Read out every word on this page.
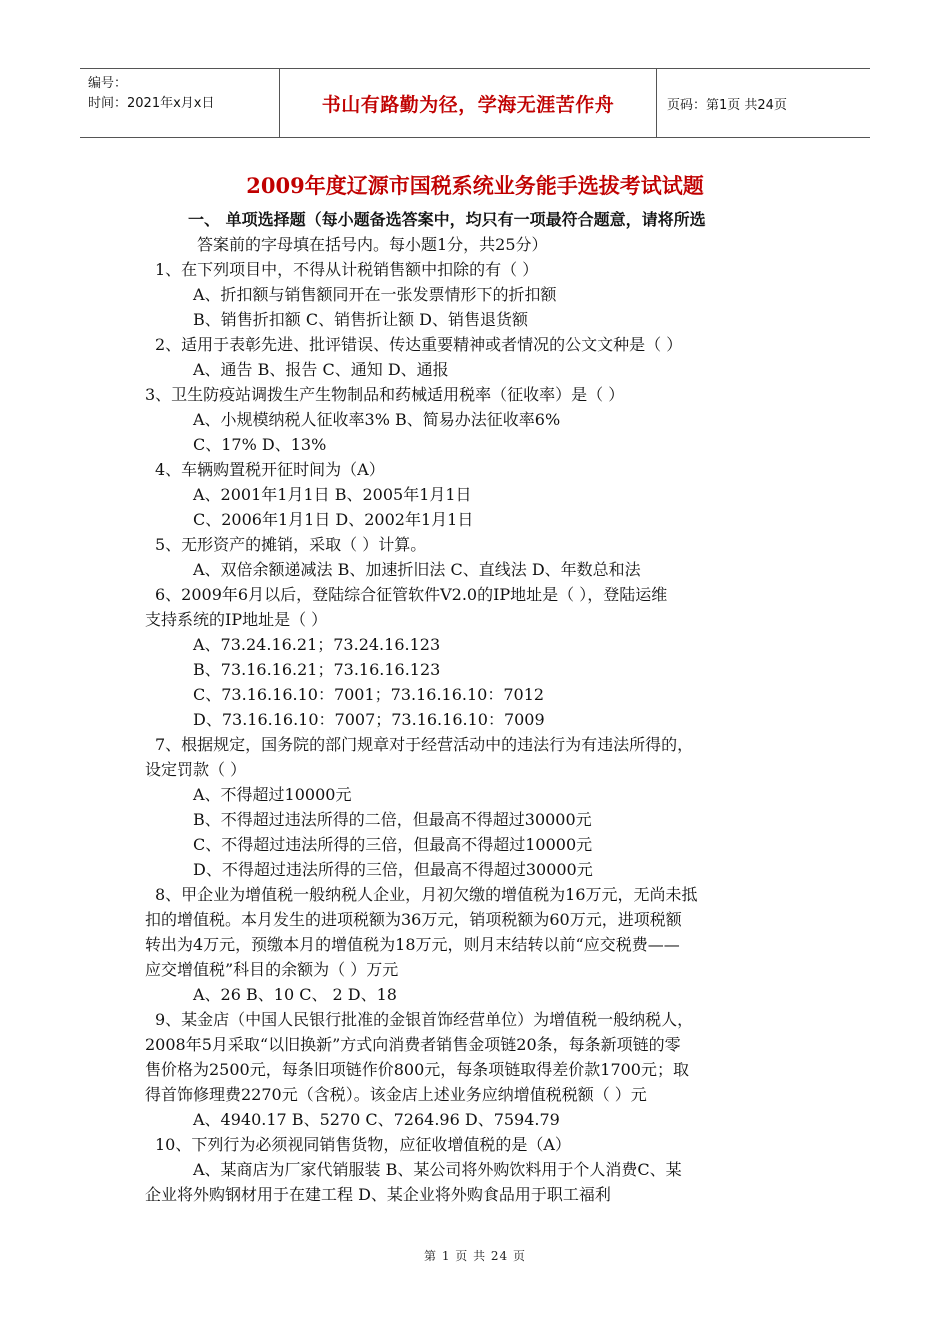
编号：
时间：2021年x月x日	书山有路勤为径，学海无涯苦作舟	页码：第1页 共24页
2009年度辽源市国税系统业务能手选拔考试试题
一、 单项选择题（每小题备选答案中，均只有一项最符合题意，请将所选
答案前的字母填在括号内。每小题1分，共25分）
1、在下列项目中，不得从计税销售额中扣除的有（ ）
A、折扣额与销售额同开在一张发票情形下的折扣额
B、销售折扣额 C、销售折让额 D、销售退货额
2、适用于表彰先进、批评错误、传达重要精神或者情况的公文文种是（ ）
A、通告 B、报告 C、通知 D、通报
3、卫生防疫站调拨生产生物制品和药械适用税率（征收率）是（ ）
A、小规模纳税人征收率3% B、简易办法征收率6%
C、17% D、13%
4、车辆购置税开征时间为（A）
A、2001年1月1日 B、2005年1月1日
C、2006年1月1日 D、2002年1月1日
5、无形资产的摊销，采取（ ）计算。
A、双倍余额递减法 B、加速折旧法 C、直线法 D、年数总和法
6、2009年6月以后，登陆综合征管软件V2.0的IP地址是（ ），登陆运维
支持系统的IP地址是（ ）
A、73.24.16.21；73.24.16.123
B、73.16.16.21；73.16.16.123
C、73.16.16.10：7001；73.16.16.10：7012
D、73.16.16.10：7007；73.16.16.10：7009
7、根据规定，国务院的部门规章对于经营活动中的违法行为有违法所得的，
设定罚款（ ）
A、不得超过10000元
B、不得超过违法所得的二倍，但最高不得超过30000元
C、不得超过违法所得的三倍，但最高不得超过10000元
D、不得超过违法所得的三倍，但最高不得超过30000元
8、甲企业为增值税一般纳税人企业，月初欠缴的增值税为16万元，无尚未抵
扣的增值税。本月发生的进项税额为36万元，销项税额为60万元，进项税额
转出为4万元，预缴本月的增值税为18万元，则月末结转以前“应交税费——
应交增值税”科目的余额为（ ）万元
A、26 B、10 C、 2 D、18
9、某金店（中国人民银行批准的金银首饰经营单位）为增值税一般纳税人，
2008年5月采取“以旧换新”方式向消费者销售金项链20条，每条新项链的零
售价格为2500元，每条旧项链作价800元，每条项链取得差价款1700元；取
得首饰修理费2270元（含税）。该金店上述业务应纳增值税税额（ ）元
A、4940.17 B、5270 C、7264.96 D、7594.79
10、下列行为必须视同销售货物，应征收增值税的是（A）
A、某商店为厂家代销服装 B、某公司将外购饮料用于个人消费C、某
企业将外购钢材用于在建工程 D、某企业将外购食品用于职工福利
第 1 页 共 24 页
